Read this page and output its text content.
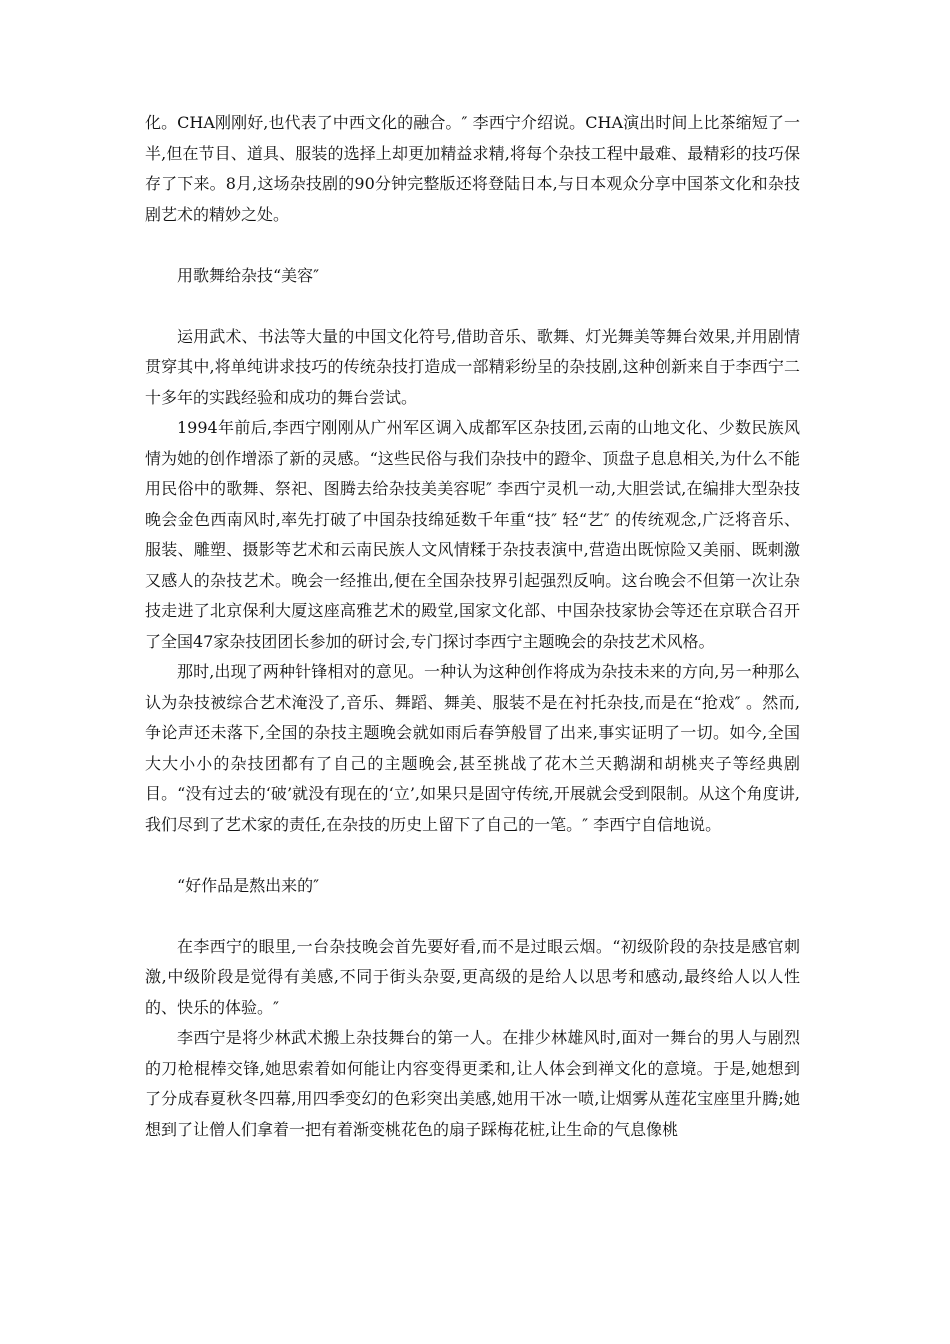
化。CHA刚刚好,也代表了中西文化的融合。″ 李西宁介绍说。CHA演出时间上比茶缩短了一半,但在节目、道具、服装的选择上却更加精益求精,将每个杂技工程中最难、最精彩的技巧保存了下来。8月,这场杂技剧的90分钟完整版还将登陆日本,与日本观众分享中国茶文化和杂技剧艺术的精妙之处。

用歌舞给杂技“美容″

运用武术、书法等大量的中国文化符号,借助音乐、歌舞、灯光舞美等舞台效果,并用剧情贯穿其中,将单纯讲求技巧的传统杂技打造成一部精彩纷呈的杂技剧,这种创新来自于李西宁二十多年的实践经验和成功的舞台尝试。

1994年前后,李西宁刚刚从广州军区调入成都军区杂技团,云南的山地文化、少数民族风情为她的创作增添了新的灵感。“这些民俗与我们杂技中的蹬伞、顶盘子息息相关,为什么不能用民俗中的歌舞、祭祀、图腾去给杂技美美容呢″ 李西宁灵机一动,大胆尝试,在编排大型杂技晚会金色西南风时,率先打破了中国杂技绵延数千年重“技″ 轻“艺″ 的传统观念,广泛将音乐、服装、雕塑、摄影等艺术和云南民族人文风情糅于杂技表演中,营造出既惊险又美丽、既刺激又感人的杂技艺术。晚会一经推出,便在全国杂技界引起强烈反响。这台晚会不但第一次让杂技走进了北京保利大厦这座高雅艺术的殿堂,国家文化部、中国杂技家协会等还在京联合召开了全国47家杂技团团长参加的研讨会,专门探讨李西宁主题晚会的杂技艺术风格。

那时,出现了两种针锋相对的意见。一种认为这种创作将成为杂技未来的方向,另一种那么认为杂技被综合艺术淹没了,音乐、舞蹈、舞美、服装不是在衬托杂技,而是在“抢戏″ 。然而,争论声还未落下,全国的杂技主题晚会就如雨后春笋般冒了出来,事实证明了一切。如今,全国大大小小的杂技团都有了自己的主题晚会,甚至挑战了花木兰天鹅湖和胡桃夹子等经典剧目。“没有过去的‘破’就没有现在的‘立’,如果只是固守传统,开展就会受到限制。从这个角度讲,我们尽到了艺术家的责任,在杂技的历史上留下了自己的一笔。″ 李西宁自信地说。

“好作品是熬出来的″

在李西宁的眼里,一台杂技晚会首先要好看,而不是过眼云烟。“初级阶段的杂技是感官刺激,中级阶段是觉得有美感,不同于街头杂耍,更高级的是给人以思考和感动,最终给人以人性的、快乐的体验。″

李西宁是将少林武术搬上杂技舞台的第一人。在排少林雄风时,面对一舞台的男人与剧烈的刀枪棍棒交锋,她思索着如何能让内容变得更柔和,让人体会到禅文化的意境。于是,她想到了分成春夏秋冬四幕,用四季变幻的色彩突出美感,她用干冰一喷,让烟雾从莲花宝座里升腾;她想到了让僧人们拿着一把有着渐变桃花色的扇子踩梅花桩,让生命的气息像桃
